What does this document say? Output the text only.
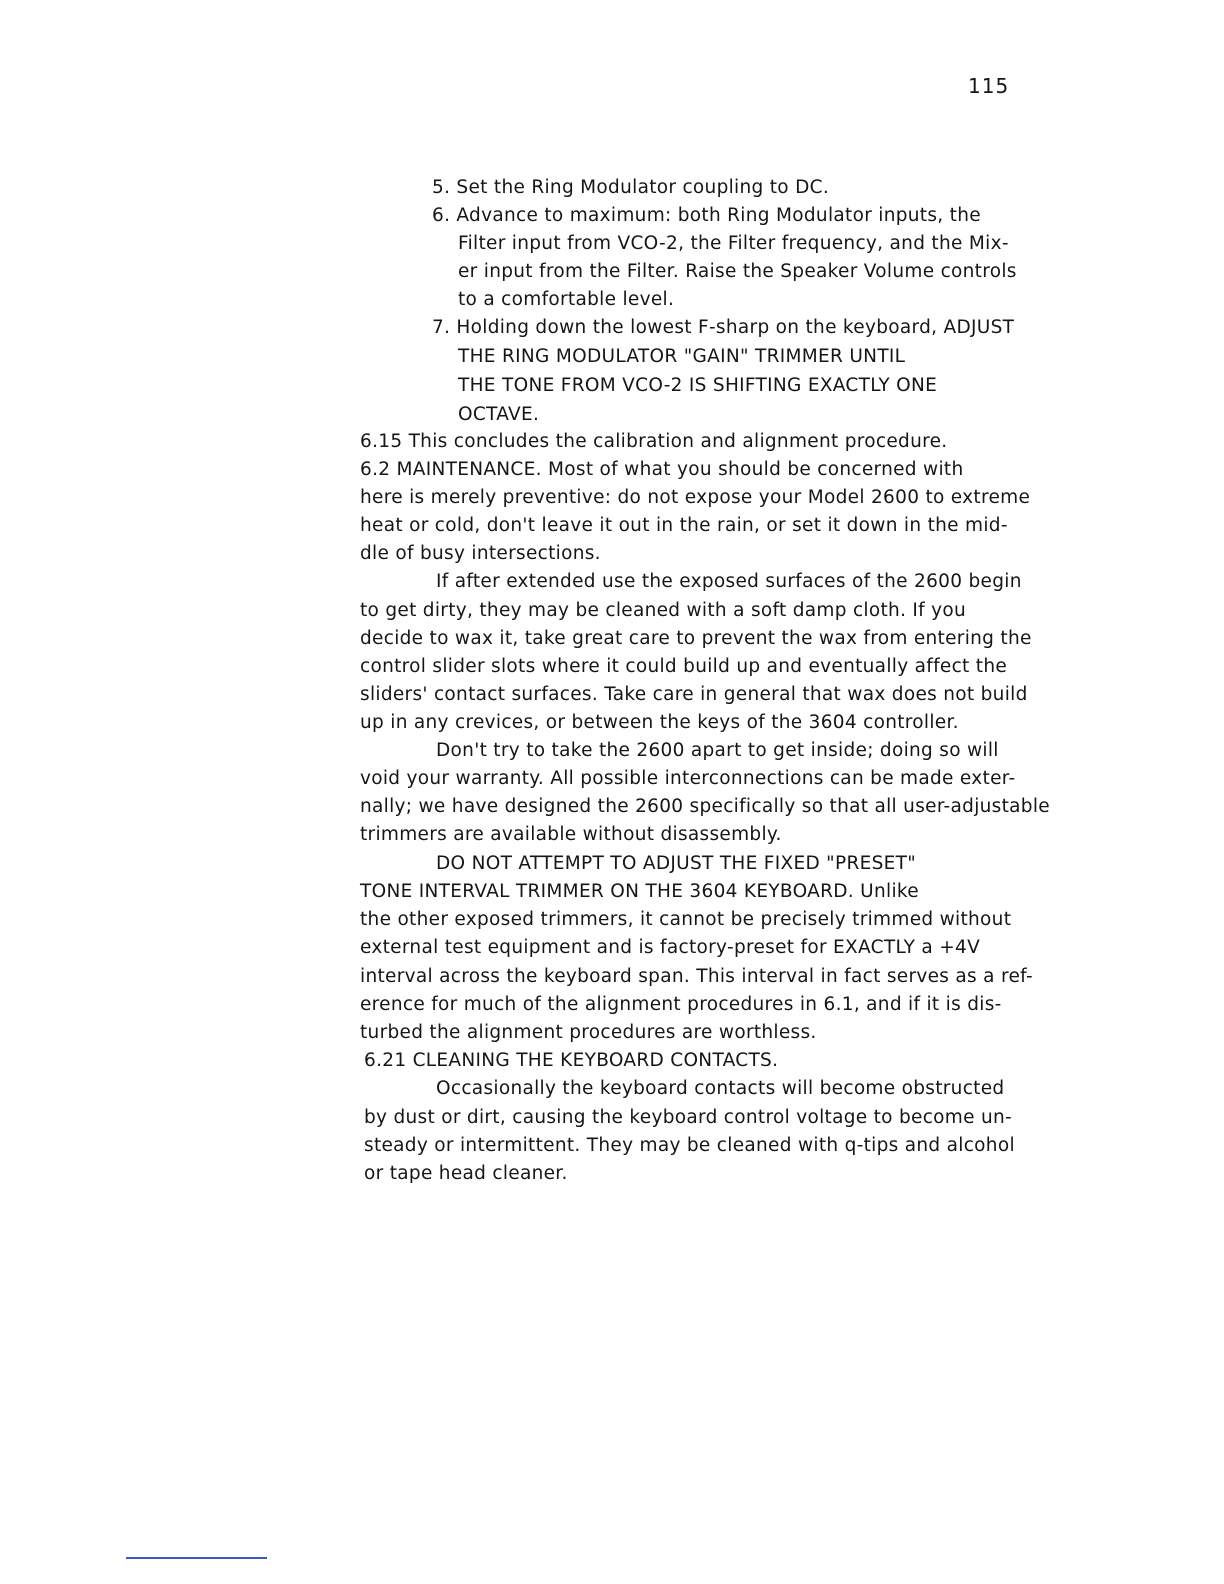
115
5. Set the Ring Modulator coupling to DC.
6. Advance to maximum: both Ring Modulator inputs, the
Filter input from VCO-2, the Filter frequency, and the Mix-
er input from the Filter. Raise the Speaker Volume controls
to a comfortable level.
7. Holding down the lowest F-sharp on the keyboard, ADJUST
THE RING MODULATOR "GAIN" TRIMMER UNTIL
THE TONE FROM VCO-2 IS SHIFTING EXACTLY ONE
OCTAVE.
6.15 This concludes the calibration and alignment procedure.
6.2 MAINTENANCE. Most of what you should be concerned with
here is merely preventive: do not expose your Model 2600 to extreme
heat or cold, don't leave it out in the rain, or set it down in the mid-
dle of busy intersections.
If after extended use the exposed surfaces of the 2600 begin
to get dirty, they may be cleaned with a soft damp cloth. If you
decide to wax it, take great care to prevent the wax from entering the
control slider slots where it could build up and eventually affect the
sliders' contact surfaces. Take care in general that wax does not build
up in any crevices, or between the keys of the 3604 controller.
Don't try to take the 2600 apart to get inside; doing so will
void your warranty. All possible interconnections can be made exter-
nally; we have designed the 2600 specifically so that all user-adjustable
trimmers are available without disassembly.
DO NOT ATTEMPT TO ADJUST THE FIXED "PRESET"
TONE INTERVAL TRIMMER ON THE 3604 KEYBOARD. Unlike
the other exposed trimmers, it cannot be precisely trimmed without
external test equipment and is factory-preset for EXACTLY a +4V
interval across the keyboard span. This interval in fact serves as a ref-
erence for much of the alignment procedures in 6.1, and if it is dis-
turbed the alignment procedures are worthless.
6.21 CLEANING THE KEYBOARD CONTACTS.
Occasionally the keyboard contacts will become obstructed
by dust or dirt, causing the keyboard control voltage to become un-
steady or intermittent. They may be cleaned with q-tips and alcohol
or tape head cleaner.
